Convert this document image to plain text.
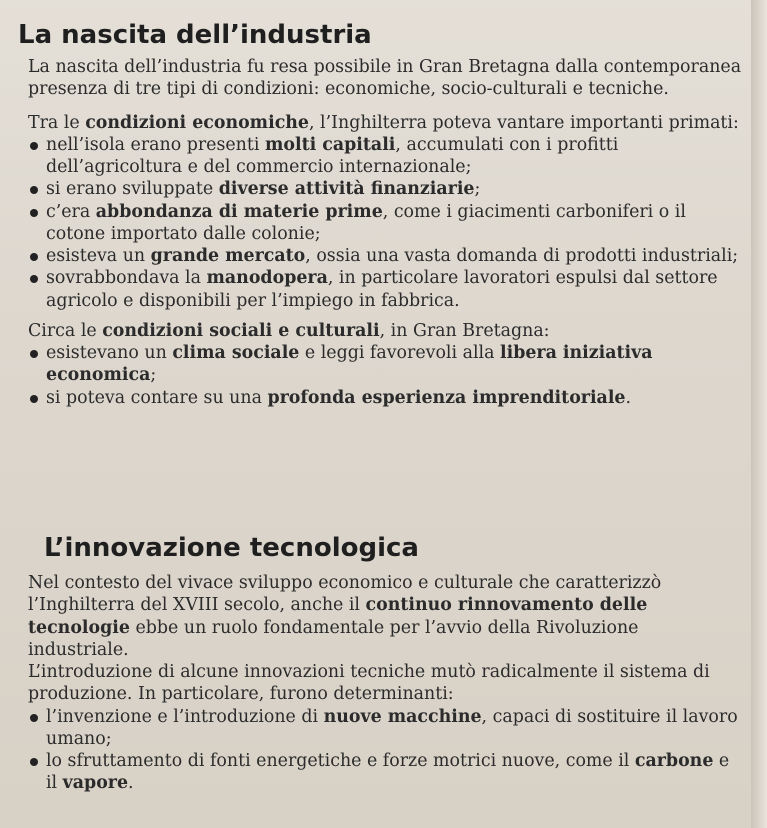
La nascita dell’industria

La nascita dell’industria fu resa possibile in Gran Bretagna dalla contemporanea presenza di tre tipi di condizioni: economiche, socio-culturali e tecniche.

Tra le condizioni economiche, l’Inghilterra poteva vantare importanti primati:

nell’isola erano presenti molti capitali, accumulati con i profitti dell’agricoltura e del commercio internazionale;
si erano sviluppate diverse attività finanziarie;
c’era abbondanza di materie prime, come i giacimenti carboniferi o il cotone importato dalle colonie;
esisteva un grande mercato, ossia una vasta domanda di prodotti industriali;
sovrabbondava la manodopera, in particolare lavoratori espulsi dal settore agricolo e disponibili per l’impiego in fabbrica.

Circa le condizioni sociali e culturali, in Gran Bretagna:

esistevano un clima sociale e leggi favorevoli alla libera iniziativa economica;
si poteva contare su una profonda esperienza imprenditoriale.
L’innovazione tecnologica

Nel contesto del vivace sviluppo economico e culturale che caratterizzò l’Inghilterra del XVIII secolo, anche il continuo rinnovamento delle tecnologie ebbe un ruolo fondamentale per l’avvio della Rivoluzione industriale.

L’introduzione di alcune innovazioni tecniche mutò radicalmente il sistema di produzione. In particolare, furono determinanti:

l’invenzione e l’introduzione di nuove macchine, capaci di sostituire il lavoro umano;
lo sfruttamento di fonti energetiche e forze motrici nuove, come il carbone e il vapore.
